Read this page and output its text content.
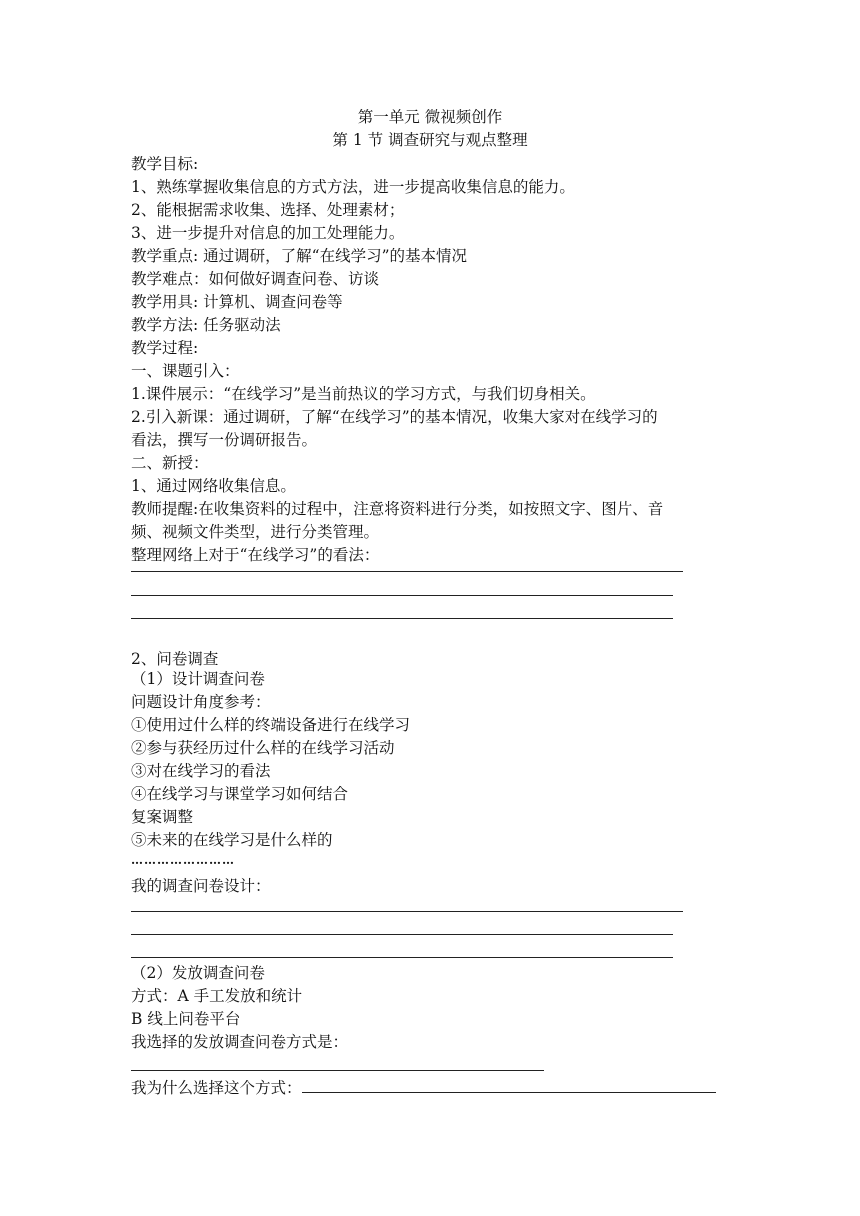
第一单元 微视频创作
第 1 节 调查研究与观点整理
教学目标:
1、熟练掌握收集信息的方式方法，进一步提高收集信息的能力。
2、能根据需求收集、选择、处理素材；
3、进一步提升对信息的加工处理能力。
教学重点: 通过调研，了解“在线学习”的基本情况
教学难点：如何做好调查问卷、访谈
教学用具: 计算机、调查问卷等
教学方法: 任务驱动法
教学过程:
一、课题引入：
1.课件展示：“在线学习”是当前热议的学习方式，与我们切身相关。
2.引入新课：通过调研，了解“在线学习”的基本情况，收集大家对在线学习的
看法，撰写一份调研报告。
二、新授：
1、通过网络收集信息。
教师提醒:在收集资料的过程中，注意将资料进行分类，如按照文字、图片、音
频、视频文件类型，进行分类管理。
整理网络上对于“在线学习”的看法：
2、问卷调查
（1）设计调查问卷
问题设计角度参考：
①使用过什么样的终端设备进行在线学习
②参与获经历过什么样的在线学习活动
③对在线学习的看法
④在线学习与课堂学习如何结合
复案调整
⑤未来的在线学习是什么样的
……………………
我的调查问卷设计：
（2）发放调查问卷
方式：A 手工发放和统计
B 线上问卷平台
我选择的发放调查问卷方式是：
我为什么选择这个方式：
